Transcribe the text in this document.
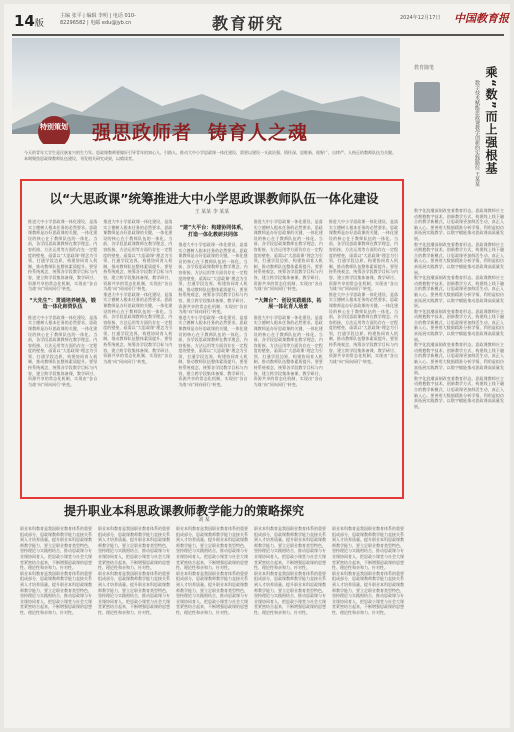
14版
主编 张平 | 编辑 李明 | 电话 010-82296582 | 电邮 edu@jyb.cn	教育研究	2024年12月17日 中国教育报
特别策划 强思政师者 铸育人之魂
今天的青年大学生是民族复兴的生力军。思政课教师要做好引导青年的知心人、引路人。推动大中小学思政课一体化建设，需要以建设一支政治强、情怀深、思维新、视野广、自律严、人格正的教师队伍为关键。本期聚焦思政课教师队伍建设，刊发相关研究成果，以飨读者。
以“大思政课”统筹推进大中小学思政课教师队伍一体化建设
王 某某 李 某某
推进大中小学思政课一体化建设，是落实立德树人根本任务的必然要求。思政课教师是办好思政课的关键，一体化建设的核心在于教师队伍的一体化。当前，各学段思政课教师在教学理念、内容衔接、方法运用等方面仍存在一定程度的壁垒，亟需以“大思政课”理念为引领，打通学段边界，构建协同育人机制，推动教师队伍整体素质提升。要坚持系统观念，统筹各学段教学目标与内容，建立跨学段集体备课、教学研讨、资源共享的常态化机制，实现由“各自为战”向“同向同行”转变。
“大先生”：贯通培养链条，锻造一体化师资队伍
推进大中小学思政课一体化建设，是落实立德树人根本任务的必然要求。思政课教师是办好思政课的关键，一体化建设的核心在于教师队伍的一体化。当前，各学段思政课教师在教学理念、内容衔接、方法运用等方面仍存在一定程度的壁垒，亟需以“大思政课”理念为引领，打通学段边界，构建协同育人机制，推动教师队伍整体素质提升。要坚持系统观念，统筹各学段教学目标与内容，建立跨学段集体备课、教学研讨、资源共享的常态化机制，实现由“各自为战”向“同向同行”转变。
推进大中小学思政课一体化建设，是落实立德树人根本任务的必然要求。思政课教师是办好思政课的关键，一体化建设的核心在于教师队伍的一体化。当前，各学段思政课教师在教学理念、内容衔接、方法运用等方面仍存在一定程度的壁垒，亟需以“大思政课”理念为引领，打通学段边界，构建协同育人机制，推动教师队伍整体素质提升。要坚持系统观念，统筹各学段教学目标与内容，建立跨学段集体备课、教学研讨、资源共享的常态化机制，实现由“各自为战”向“同向同行”转变。
推进大中小学思政课一体化建设，是落实立德树人根本任务的必然要求。思政课教师是办好思政课的关键，一体化建设的核心在于教师队伍的一体化。当前，各学段思政课教师在教学理念、内容衔接、方法运用等方面仍存在一定程度的壁垒，亟需以“大思政课”理念为引领，打通学段边界，构建协同育人机制，推动教师队伍整体素质提升。要坚持系统观念，统筹各学段教学目标与内容，建立跨学段集体备课、教学研讨、资源共享的常态化机制，实现由“各自为战”向“同向同行”转变。
“建”大平台：构建协同体系，打造一体化教研共同体
推进大中小学思政课一体化建设，是落实立德树人根本任务的必然要求。思政课教师是办好思政课的关键，一体化建设的核心在于教师队伍的一体化。当前，各学段思政课教师在教学理念、内容衔接、方法运用等方面仍存在一定程度的壁垒，亟需以“大思政课”理念为引领，打通学段边界，构建协同育人机制，推动教师队伍整体素质提升。要坚持系统观念，统筹各学段教学目标与内容，建立跨学段集体备课、教学研讨、资源共享的常态化机制，实现由“各自为战”向“同向同行”转变。
推进大中小学思政课一体化建设，是落实立德树人根本任务的必然要求。思政课教师是办好思政课的关键，一体化建设的核心在于教师队伍的一体化。当前，各学段思政课教师在教学理念、内容衔接、方法运用等方面仍存在一定程度的壁垒，亟需以“大思政课”理念为引领，打通学段边界，构建协同育人机制，推动教师队伍整体素质提升。要坚持系统观念，统筹各学段教学目标与内容，建立跨学段集体备课、教学研讨、资源共享的常态化机制，实现由“各自为战”向“同向同行”转变。
推进大中小学思政课一体化建设，是落实立德树人根本任务的必然要求。思政课教师是办好思政课的关键，一体化建设的核心在于教师队伍的一体化。当前，各学段思政课教师在教学理念、内容衔接、方法运用等方面仍存在一定程度的壁垒，亟需以“大思政课”理念为引领，打通学段边界，构建协同育人机制，推动教师队伍整体素质提升。要坚持系统观念，统筹各学段教学目标与内容，建立跨学段集体备课、教学研讨、资源共享的常态化机制，实现由“各自为战”向“同向同行”转变。
“大舞台”：创设实践载体，拓展一体化育人场景
推进大中小学思政课一体化建设，是落实立德树人根本任务的必然要求。思政课教师是办好思政课的关键，一体化建设的核心在于教师队伍的一体化。当前，各学段思政课教师在教学理念、内容衔接、方法运用等方面仍存在一定程度的壁垒，亟需以“大思政课”理念为引领，打通学段边界，构建协同育人机制，推动教师队伍整体素质提升。要坚持系统观念，统筹各学段教学目标与内容，建立跨学段集体备课、教学研讨、资源共享的常态化机制，实现由“各自为战”向“同向同行”转变。
推进大中小学思政课一体化建设，是落实立德树人根本任务的必然要求。思政课教师是办好思政课的关键，一体化建设的核心在于教师队伍的一体化。当前，各学段思政课教师在教学理念、内容衔接、方法运用等方面仍存在一定程度的壁垒，亟需以“大思政课”理念为引领，打通学段边界，构建协同育人机制，推动教师队伍整体素质提升。要坚持系统观念，统筹各学段教学目标与内容，建立跨学段集体备课、教学研讨、资源共享的常态化机制，实现由“各自为战”向“同向同行”转变。
推进大中小学思政课一体化建设，是落实立德树人根本任务的必然要求。思政课教师是办好思政课的关键，一体化建设的核心在于教师队伍的一体化。当前，各学段思政课教师在教学理念、内容衔接、方法运用等方面仍存在一定程度的壁垒，亟需以“大思政课”理念为引领，打通学段边界，构建协同育人机制，推动教师队伍整体素质提升。要坚持系统观念，统筹各学段教学目标与内容，建立跨学段集体备课、教学研讨、资源共享的常态化机制，实现由“各自为战”向“同向同行”转变。
提升职业本科思政课教师教学能力的策略探究
刘 某
职业本科教育是我国职业教育体系的重要组成部分，思政课教师教学能力直接关系到人才培养质量。提升职业本科思政课教师教学能力，要立足职业教育类型特色，坚持理论与实践相结合，推动思政课与专业课协同育人，把思政小课堂与社会大课堂紧密结合起来，不断增强思政课的思想性、理论性和亲和力、针对性。
职业本科教育是我国职业教育体系的重要组成部分，思政课教师教学能力直接关系到人才培养质量。提升职业本科思政课教师教学能力，要立足职业教育类型特色，坚持理论与实践相结合，推动思政课与专业课协同育人，把思政小课堂与社会大课堂紧密结合起来，不断增强思政课的思想性、理论性和亲和力、针对性。
职业本科教育是我国职业教育体系的重要组成部分，思政课教师教学能力直接关系到人才培养质量。提升职业本科思政课教师教学能力，要立足职业教育类型特色，坚持理论与实践相结合，推动思政课与专业课协同育人，把思政小课堂与社会大课堂紧密结合起来，不断增强思政课的思想性、理论性和亲和力、针对性。
职业本科教育是我国职业教育体系的重要组成部分，思政课教师教学能力直接关系到人才培养质量。提升职业本科思政课教师教学能力，要立足职业教育类型特色，坚持理论与实践相结合，推动思政课与专业课协同育人，把思政小课堂与社会大课堂紧密结合起来，不断增强思政课的思想性、理论性和亲和力、针对性。
职业本科教育是我国职业教育体系的重要组成部分，思政课教师教学能力直接关系到人才培养质量。提升职业本科思政课教师教学能力，要立足职业教育类型特色，坚持理论与实践相结合，推动思政课与专业课协同育人，把思政小课堂与社会大课堂紧密结合起来，不断增强思政课的思想性、理论性和亲和力、针对性。
职业本科教育是我国职业教育体系的重要组成部分，思政课教师教学能力直接关系到人才培养质量。提升职业本科思政课教师教学能力，要立足职业教育类型特色，坚持理论与实践相结合，推动思政课与专业课协同育人，把思政小课堂与社会大课堂紧密结合起来，不断增强思政课的思想性、理论性和亲和力、针对性。
职业本科教育是我国职业教育体系的重要组成部分，思政课教师教学能力直接关系到人才培养质量。提升职业本科思政课教师教学能力，要立足职业教育类型特色，坚持理论与实践相结合，推动思政课与专业课协同育人，把思政小课堂与社会大课堂紧密结合起来，不断增强思政课的思想性、理论性和亲和力、针对性。
职业本科教育是我国职业教育体系的重要组成部分，思政课教师教学能力直接关系到人才培养质量。提升职业本科思政课教师教学能力，要立足职业教育类型特色，坚持理论与实践相结合，推动思政课与专业课协同育人，把思政小课堂与社会大课堂紧密结合起来，不断增强思政课的思想性、理论性和亲和力、针对性。
职业本科教育是我国职业教育体系的重要组成部分，思政课教师教学能力直接关系到人才培养质量。提升职业本科思政课教师教学能力，要立足职业教育类型特色，坚持理论与实践相结合，推动思政课与专业课协同育人，把思政小课堂与社会大课堂紧密结合起来，不断增强思政课的思想性、理论性和亲和力、针对性。
职业本科教育是我国职业教育体系的重要组成部分，思政课教师教学能力直接关系到人才培养质量。提升职业本科思政课教师教学能力，要立足职业教育类型特色，坚持理论与实践相结合，推动思政课与专业课协同育人，把思政小课堂与社会大课堂紧密结合起来，不断增强思政课的思想性、理论性和亲和力、针对性。
教育随笔	乘“数”而上强根基
数字技术赋能思政课教学创新的实践路径 王某某
数字化浪潮深刻改变着教育形态。思政课教师应主动拥抱数字技术，创新教学方式，构建线上线下融合的教学新模式，让思政课更加鲜活生动，真正入脑入心。要善用大数据精准分析学情，利用虚拟仿真拓展实践教学，以数字赋能推动思政课高质量发展。
数字化浪潮深刻改变着教育形态。思政课教师应主动拥抱数字技术，创新教学方式，构建线上线下融合的教学新模式，让思政课更加鲜活生动，真正入脑入心。要善用大数据精准分析学情，利用虚拟仿真拓展实践教学，以数字赋能推动思政课高质量发展。
数字化浪潮深刻改变着教育形态。思政课教师应主动拥抱数字技术，创新教学方式，构建线上线下融合的教学新模式，让思政课更加鲜活生动，真正入脑入心。要善用大数据精准分析学情，利用虚拟仿真拓展实践教学，以数字赋能推动思政课高质量发展。
数字化浪潮深刻改变着教育形态。思政课教师应主动拥抱数字技术，创新教学方式，构建线上线下融合的教学新模式，让思政课更加鲜活生动，真正入脑入心。要善用大数据精准分析学情，利用虚拟仿真拓展实践教学，以数字赋能推动思政课高质量发展。
数字化浪潮深刻改变着教育形态。思政课教师应主动拥抱数字技术，创新教学方式，构建线上线下融合的教学新模式，让思政课更加鲜活生动，真正入脑入心。要善用大数据精准分析学情，利用虚拟仿真拓展实践教学，以数字赋能推动思政课高质量发展。
数字化浪潮深刻改变着教育形态。思政课教师应主动拥抱数字技术，创新教学方式，构建线上线下融合的教学新模式，让思政课更加鲜活生动，真正入脑入心。要善用大数据精准分析学情，利用虚拟仿真拓展实践教学，以数字赋能推动思政课高质量发展。
